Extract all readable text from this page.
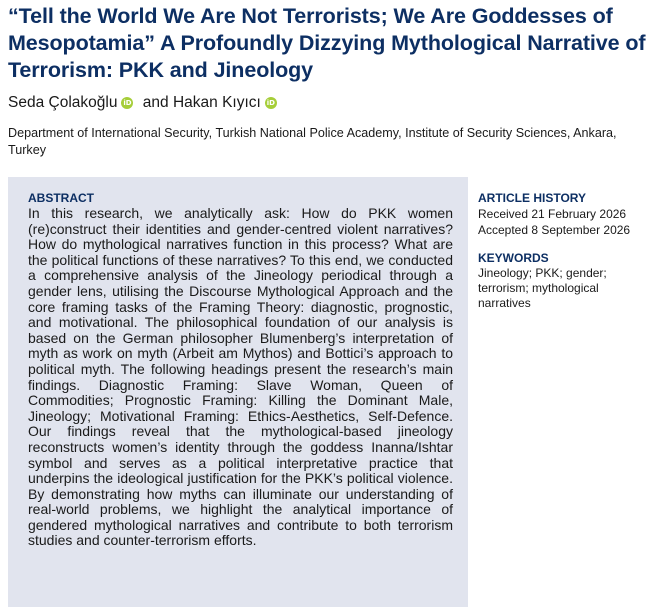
“Tell the World We Are Not Terrorists; We Are Goddesses of Mesopotamia” A Profoundly Dizzying Mythological Narrative of Terrorism: PKK and Jineology
Seda Çolakoğlu iD and Hakan Kıyıcı iD
Department of International Security, Turkish National Police Academy, Institute of Security Sciences, Ankara, Turkey
ABSTRACT

In this research, we analytically ask: How do PKK women (re)construct their identities and gender-centred violent narratives? How do mythological narratives function in this process? What are the political functions of these narratives? To this end, we conducted a comprehensive analysis of the Jineology periodical through a gender lens, utilising the Discourse Mythological Approach and the core framing tasks of the Framing Theory: diagnostic, prognostic, and motivational. The philosophical foundation of our analysis is based on the German philosopher Blumenberg’s interpretation of myth as work on myth (Arbeit am Mythos) and Bottici’s approach to political myth. The following headings present the research’s main findings. Diagnostic Framing: Slave Woman, Queen of Commodities; Prognostic Framing: Killing the Dominant Male, Jineology; Motivational Framing: Ethics-Aesthetics, Self-Defence. Our findings reveal that the mythological-based jineology reconstructs women’s identity through the goddess Inanna/Ishtar symbol and serves as a political interpretative practice that underpins the ideological justification for the PKK’s political violence. By demonstrating how myths can illuminate our understanding of real-world problems, we highlight the analytical importance of gendered mythological narratives and contribute to both terrorism studies and counter-terrorism efforts.

ARTICLE HISTORY
Received 21 February 2026
Accepted 8 September 2026
KEYWORDS
Jineology; PKK; gender; terrorism; mythological narratives
